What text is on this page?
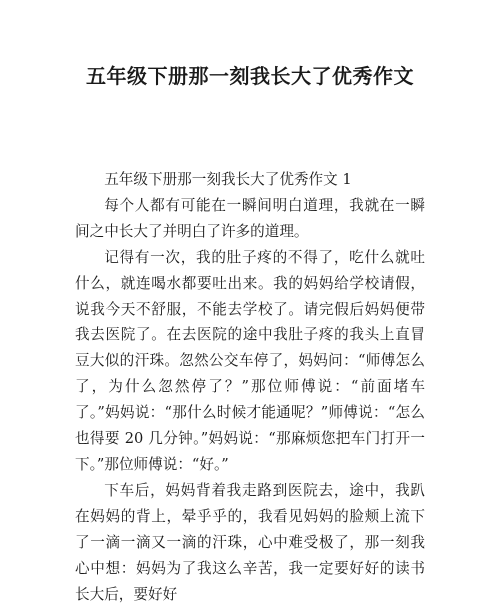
五年级下册那一刻我长大了优秀作文

五年级下册那一刻我长大了优秀作文 1

每个人都有可能在一瞬间明白道理，我就在一瞬间之中长大了并明白了许多的道理。

记得有一次，我的肚子疼的不得了，吃什么就吐什么，就连喝水都要吐出来。我的妈妈给学校请假，说我今天不舒服，不能去学校了。请完假后妈妈便带我去医院了。在去医院的途中我肚子疼的我头上直冒豆大似的汗珠。忽然公交车停了，妈妈问：“师傅怎么了，为什么忽然停了？”那位师傅说：“前面堵车了。”妈妈说：“那什么时候才能通呢？”师傅说：“怎么也得要 20 几分钟。”妈妈说：“那麻烦您把车门打开一下。”那位师傅说：“好。”

下车后，妈妈背着我走路到医院去，途中，我趴在妈妈的背上，晕乎乎的，我看见妈妈的脸颊上流下了一滴一滴又一滴的汗珠，心中难受极了，那一刻我心中想：妈妈为了我这么辛苦，我一定要好好的读书长大后，要好好
